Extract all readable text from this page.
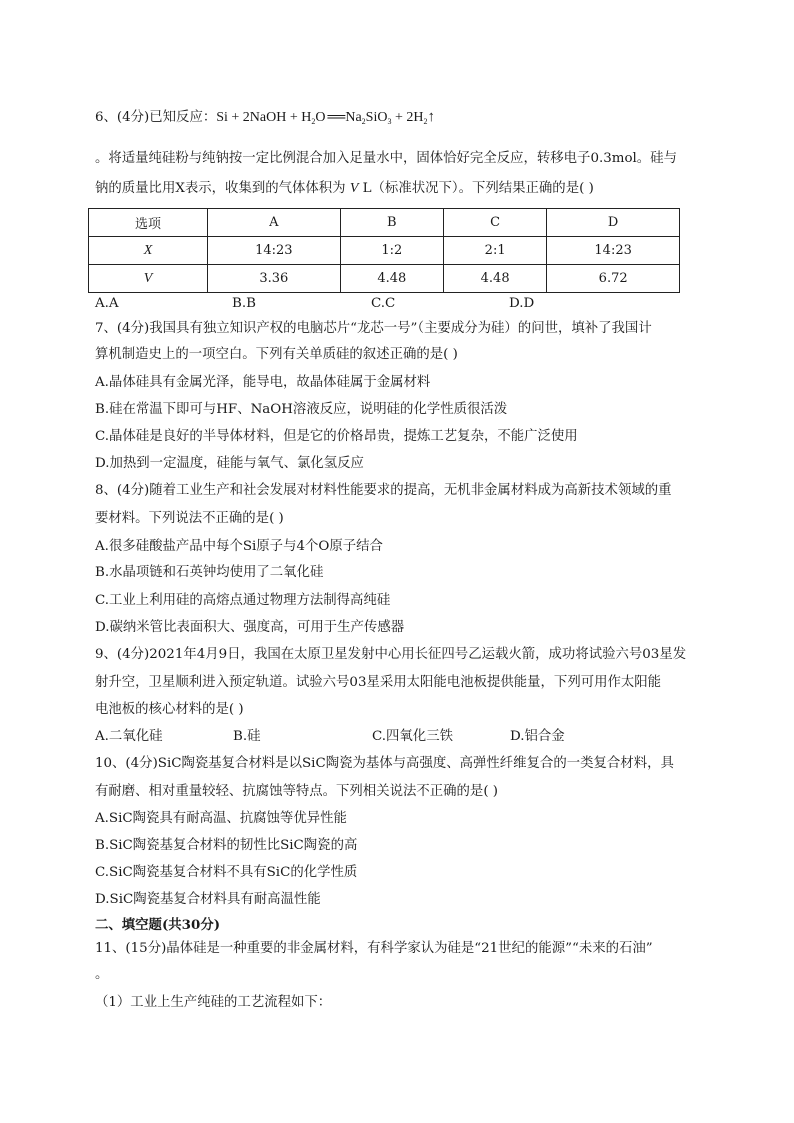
6、(4分)已知反应：Si + 2NaOH + $H_2O$ ══ $Na_2SiO_3$ + $2H_2↑$
。将适量纯硅粉与纯钠按一定比例混合加入足量水中，固体恰好完全反应，转移电子0.3mol。硅与
钠的质量比用X表示，收集到的气体体积为 V L（标准状况下）。下列结果正确的是( )
选项	A	B	C	D
X	14:23	1:2	2:1	14:23
V	3.36	4.48	4.48	6.72
A.A	B.B	C.C	D.D
7、(4分)我国具有独立知识产权的电脑芯片“龙芯一号”（主要成分为硅）的问世，填补了我国计
算机制造史上的一项空白。下列有关单质硅的叙述正确的是( )
A.晶体硅具有金属光泽，能导电，故晶体硅属于金属材料
B.硅在常温下即可与HF、NaOH溶液反应，说明硅的化学性质很活泼
C.晶体硅是良好的半导体材料，但是它的价格昂贵，提炼工艺复杂，不能广泛使用
D.加热到一定温度，硅能与氧气、氯化氢反应
8、(4分)随着工业生产和社会发展对材料性能要求的提高，无机非金属材料成为高新技术领域的重
要材料。下列说法不正确的是( )
A.很多硅酸盐产品中每个Si原子与4个O原子结合
B.水晶项链和石英钟均使用了二氧化硅
C.工业上利用硅的高熔点通过物理方法制得高纯硅
D.碳纳米管比表面积大、强度高，可用于生产传感器
9、(4分)2021年4月9日，我国在太原卫星发射中心用长征四号乙运载火箭，成功将试验六号03星发
射升空，卫星顺利进入预定轨道。试验六号03星采用太阳能电池板提供能量，下列可用作太阳能
电池板的核心材料的是( )
A.二氧化硅	B.硅	C.四氧化三铁	D.铝合金
10、(4分)SiC陶瓷基复合材料是以SiC陶瓷为基体与高强度、高弹性纤维复合的一类复合材料，具
有耐磨、相对重量较轻、抗腐蚀等特点。下列相关说法不正确的是( )
A.SiC陶瓷具有耐高温、抗腐蚀等优异性能
B.SiC陶瓷基复合材料的韧性比SiC陶瓷的高
C.SiC陶瓷基复合材料不具有SiC的化学性质
D.SiC陶瓷基复合材料具有耐高温性能
二、填空题(共30分)
11、(15分)晶体硅是一种重要的非金属材料，有科学家认为硅是“21世纪的能源”“未来的石油”
。
（1）工业上生产纯硅的工艺流程如下：
